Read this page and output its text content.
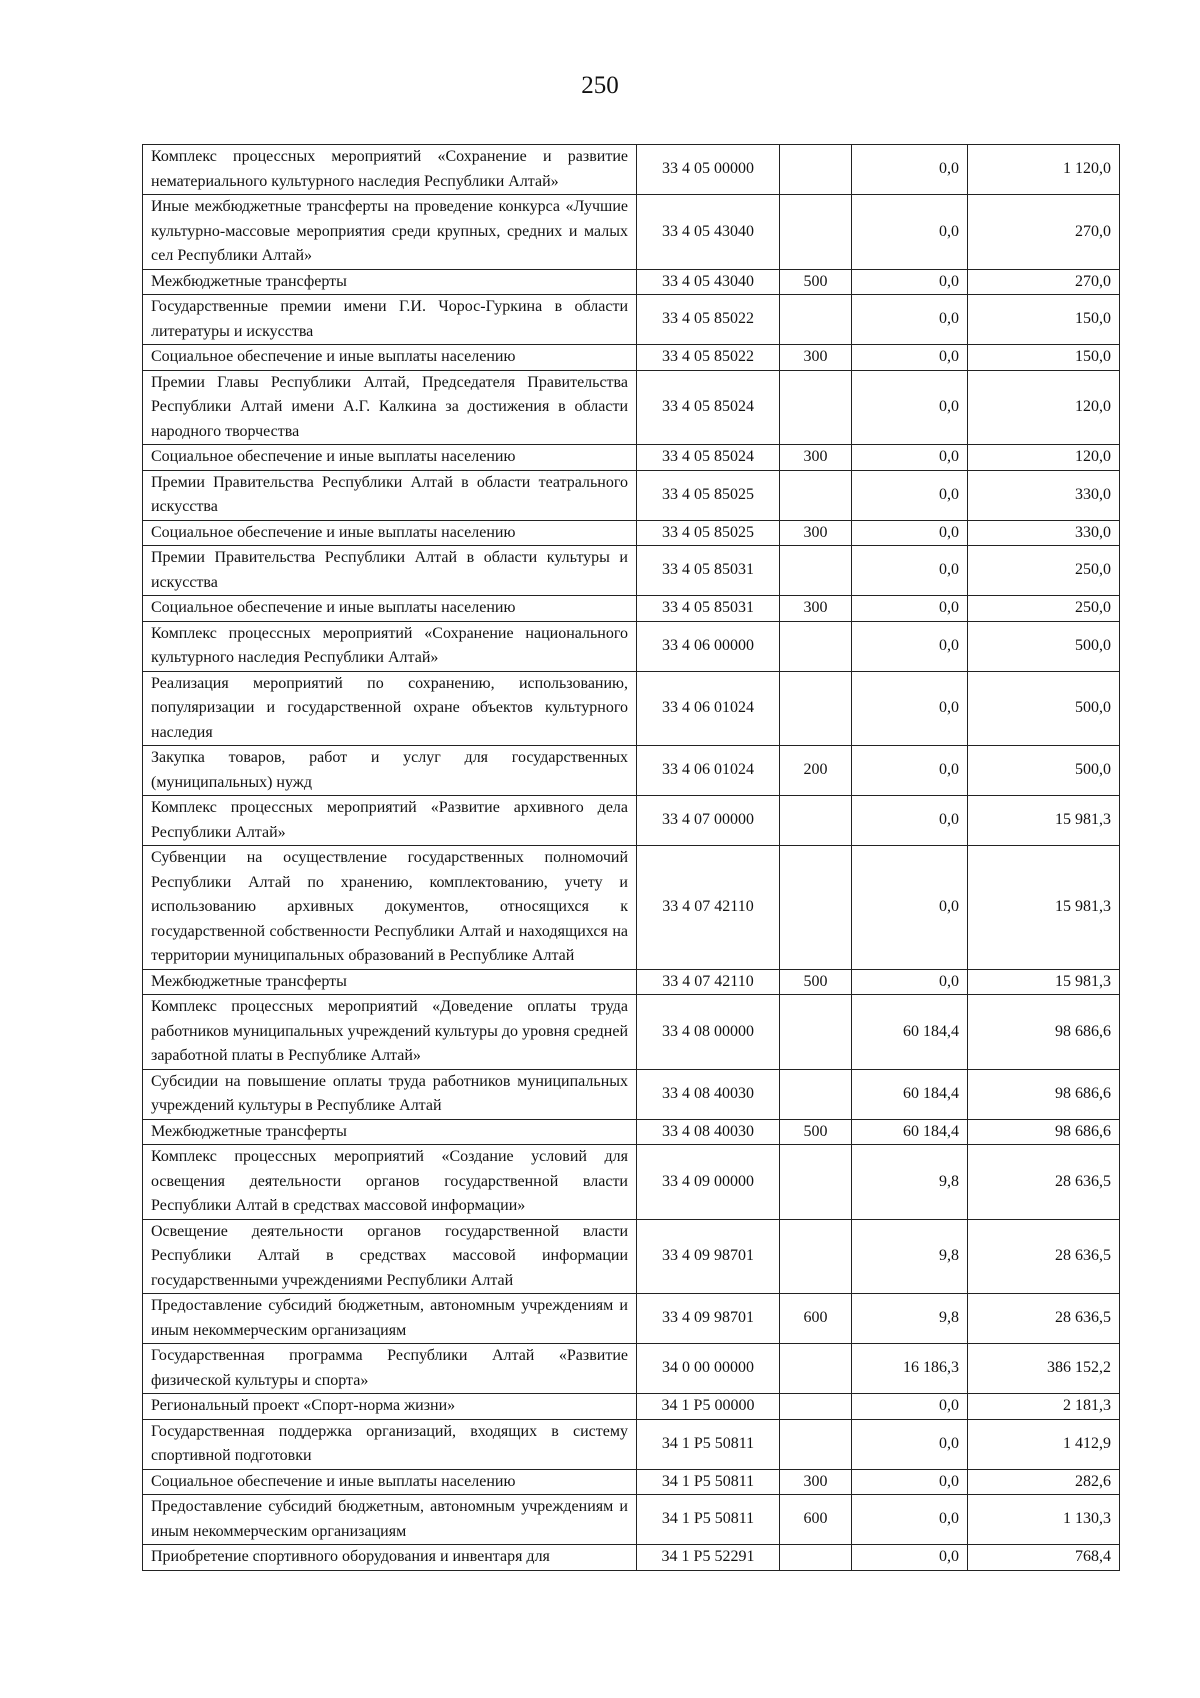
250
Комплекс процессных мероприятий «Сохранение и развитие нематериального культурного наследия Республики Алтай»	33 4 05 00000		0,0	1 120,0
Иные межбюджетные трансферты на проведение конкурса «Лучшие культурно-массовые мероприятия среди крупных, средних и малых сел Республики Алтай»	33 4 05 43040		0,0	270,0
Межбюджетные трансферты	33 4 05 43040	500	0,0	270,0
Государственные премии имени Г.И. Чорос-Гуркина в области литературы и искусства	33 4 05 85022		0,0	150,0
Социальное обеспечение и иные выплаты населению	33 4 05 85022	300	0,0	150,0
Премии Главы Республики Алтай, Председателя Правительства Республики Алтай имени А.Г. Калкина за достижения в области народного творчества	33 4 05 85024		0,0	120,0
Социальное обеспечение и иные выплаты населению	33 4 05 85024	300	0,0	120,0
Премии Правительства Республики Алтай в области театрального искусства	33 4 05 85025		0,0	330,0
Социальное обеспечение и иные выплаты населению	33 4 05 85025	300	0,0	330,0
Премии Правительства Республики Алтай в области культуры и искусства	33 4 05 85031		0,0	250,0
Социальное обеспечение и иные выплаты населению	33 4 05 85031	300	0,0	250,0
Комплекс процессных мероприятий «Сохранение национального культурного наследия Республики Алтай»	33 4 06 00000		0,0	500,0
Реализация мероприятий по сохранению, использованию, популяризации и государственной охране объектов культурного наследия	33 4 06 01024		0,0	500,0
Закупка товаров, работ и услуг для государственных (муниципальных) нужд	33 4 06 01024	200	0,0	500,0
Комплекс процессных мероприятий «Развитие архивного дела Республики Алтай»	33 4 07 00000		0,0	15 981,3
Субвенции на осуществление государственных полномочий Республики Алтай по хранению, комплектованию, учету и использованию архивных документов, относящихся к государственной собственности Республики Алтай и находящихся на территории муниципальных образований в Республике Алтай	33 4 07 42110		0,0	15 981,3
Межбюджетные трансферты	33 4 07 42110	500	0,0	15 981,3
Комплекс процессных мероприятий «Доведение оплаты труда работников муниципальных учреждений культуры до уровня средней заработной платы в Республике Алтай»	33 4 08 00000		60 184,4	98 686,6
Субсидии на повышение оплаты труда работников муниципальных учреждений культуры в Республике Алтай	33 4 08 40030		60 184,4	98 686,6
Межбюджетные трансферты	33 4 08 40030	500	60 184,4	98 686,6
Комплекс процессных мероприятий «Создание условий для освещения деятельности органов государственной власти Республики Алтай в средствах массовой информации»	33 4 09 00000		9,8	28 636,5
Освещение деятельности органов государственной власти Республики Алтай в средствах массовой информации государственными учреждениями Республики Алтай	33 4 09 98701		9,8	28 636,5
Предоставление субсидий бюджетным, автономным учреждениям и иным некоммерческим организациям	33 4 09 98701	600	9,8	28 636,5
Государственная программа Республики Алтай «Развитие физической культуры и спорта»	34 0 00 00000		16 186,3	386 152,2
Региональный проект «Спорт-норма жизни»	34 1 P5 00000		0,0	2 181,3
Государственная поддержка организаций, входящих в систему спортивной подготовки	34 1 P5 50811		0,0	1 412,9
Социальное обеспечение и иные выплаты населению	34 1 P5 50811	300	0,0	282,6
Предоставление субсидий бюджетным, автономным учреждениям и иным некоммерческим организациям	34 1 P5 50811	600	0,0	1 130,3
Приобретение спортивного оборудования и инвентаря для	34 1 P5 52291		0,0	768,4
